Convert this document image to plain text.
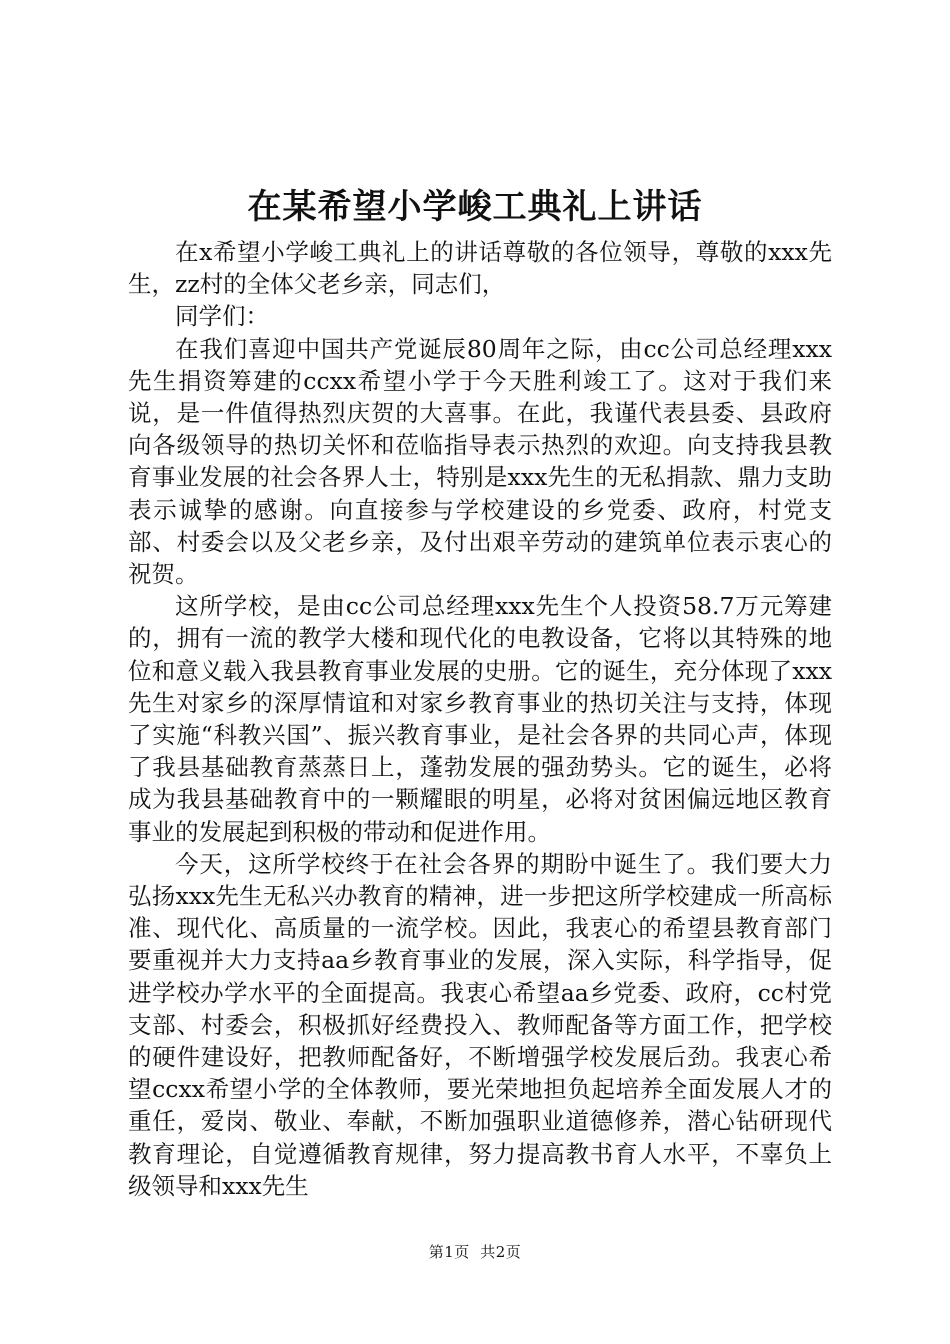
在某希望小学峻工典礼上讲话

在x希望小学峻工典礼上的讲话尊敬的各位领导，尊敬的xxx先生，zz村的全体父老乡亲，同志们，

同学们：

在我们喜迎中国共产党诞辰80周年之际，由cc公司总经理xxx先生捐资筹建的ccxx希望小学于今天胜利竣工了。这对于我们来说，是一件值得热烈庆贺的大喜事。在此，我谨代表县委、县政府向各级领导的热切关怀和莅临指导表示热烈的欢迎。向支持我县教育事业发展的社会各界人士，特别是xxx先生的无私捐款、鼎力支助表示诚挚的感谢。向直接参与学校建设的乡党委、政府，村党支部、村委会以及父老乡亲，及付出艰辛劳动的建筑单位表示衷心的祝贺。

这所学校，是由cc公司总经理xxx先生个人投资58.7万元筹建的，拥有一流的教学大楼和现代化的电教设备，它将以其特殊的地位和意义载入我县教育事业发展的史册。它的诞生，充分体现了xxx先生对家乡的深厚情谊和对家乡教育事业的热切关注与支持，体现了实施“科教兴国”、振兴教育事业，是社会各界的共同心声，体现了我县基础教育蒸蒸日上，蓬勃发展的强劲势头。它的诞生，必将成为我县基础教育中的一颗耀眼的明星，必将对贫困偏远地区教育事业的发展起到积极的带动和促进作用。

今天，这所学校终于在社会各界的期盼中诞生了。我们要大力弘扬xxx先生无私兴办教育的精神，进一步把这所学校建成一所高标准、现代化、高质量的一流学校。因此，我衷心的希望县教育部门要重视并大力支持aa乡教育事业的发展，深入实际，科学指导，促进学校办学水平的全面提高。我衷心希望aa乡党委、政府，cc村党支部、村委会，积极抓好经费投入、教师配备等方面工作，把学校的硬件建设好，把教师配备好，不断增强学校发展后劲。我衷心希望ccxx希望小学的全体教师，要光荣地担负起培养全面发展人才的重任，爱岗、敬业、奉献，不断加强职业道德修养，潜心钻研现代教育理论，自觉遵循教育规律，努力提高教书育人水平，不辜负上级领导和xxx先生

第1页  共2页
